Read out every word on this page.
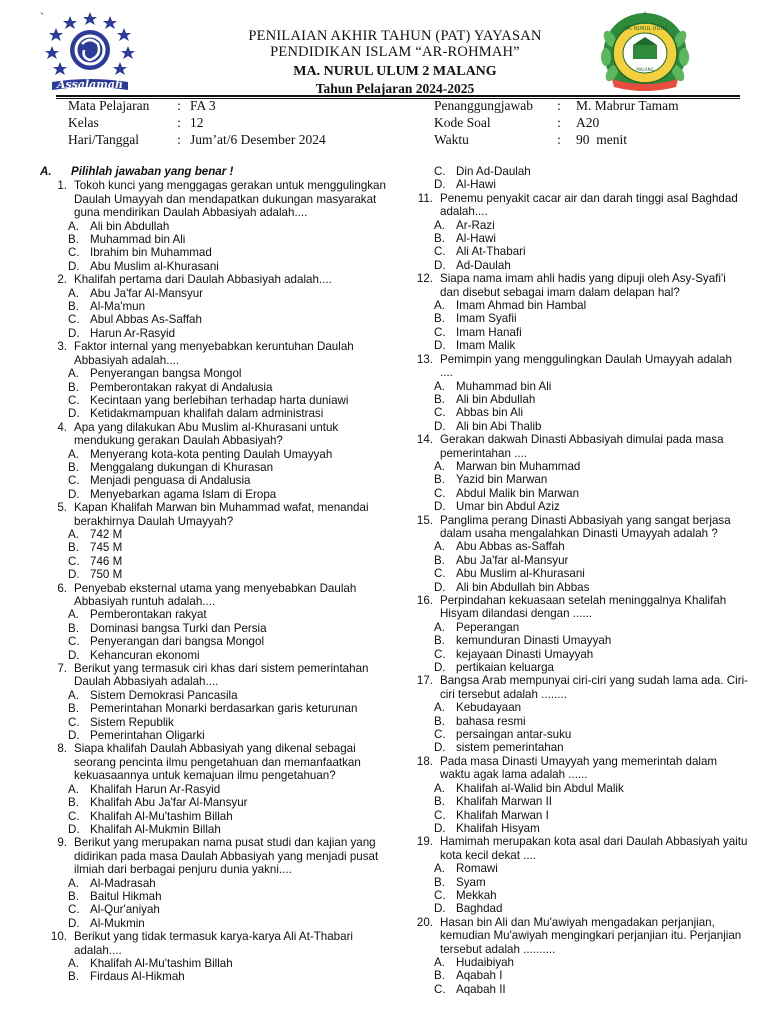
`
Assalamah
MA. NURUL ULUM
MALANG
PENILAIAN AKHIR TAHUN (PAT) YAYASAN
PENDIDIKAN ISLAM “AR-ROHMAH”
MA. NURUL ULUM 2 MALANG
Tahun Pelajaran 2024-2025
Mata Pelajaran : FA 3
Kelas	: 12
Hari/Tanggal	: Jum’at/6 Desember 2024
Penanggungjawab : M. Mabrur Tamam
Kode Soal	: A20
Waktu	: 90  menit
A.	Pilihlah jawaban yang benar !
1. Tokoh kunci yang menggagas gerakan untuk menggulingkan Daulah Umayyah dan mendapatkan dukungan masyarakat guna mendirikan Daulah Abbasiyah adalah....
A. Ali bin Abdullah
B. Muhammad bin Ali
C. Ibrahim bin Muhammad
D. Abu Muslim al-Khurasani
2. Khalifah pertama dari Daulah Abbasiyah adalah....
A. Abu Ja'far Al-Mansyur
B. Al-Ma'mun
C. Abul Abbas As-Saffah
D. Harun Ar-Rasyid
3. Faktor internal yang menyebabkan keruntuhan Daulah Abbasiyah adalah....
A. Penyerangan bangsa Mongol
B. Pemberontakan rakyat di Andalusia
C. Kecintaan yang berlebihan terhadap harta duniawi
D. Ketidakmampuan khalifah dalam administrasi
4. Apa yang dilakukan Abu Muslim al-Khurasani untuk mendukung gerakan Daulah Abbasiyah?
A. Menyerang kota-kota penting Daulah Umayyah
B. Menggalang dukungan di Khurasan
C. Menjadi penguasa di Andalusia
D. Menyebarkan agama Islam di Eropa
5. Kapan Khalifah Marwan bin Muhammad wafat, menandai berakhirnya Daulah Umayyah?
A. 742 M
B. 745 M
C. 746 M
D. 750 M
6. Penyebab eksternal utama yang menyebabkan Daulah Abbasiyah runtuh adalah....
A. Pemberontakan rakyat
B. Dominasi bangsa Turki dan Persia
C. Penyerangan dari bangsa Mongol
D. Kehancuran ekonomi
7. Berikut yang termasuk ciri khas dari sistem pemerintahan Daulah Abbasiyah adalah....
A. Sistem Demokrasi Pancasila
B. Pemerintahan Monarki berdasarkan garis keturunan
C. Sistem Republik
D. Pemerintahan Oligarki
8. Siapa khalifah Daulah Abbasiyah yang dikenal sebagai seorang pencinta ilmu pengetahuan dan memanfaatkan kekuasaannya untuk kemajuan ilmu pengetahuan?
A. Khalifah Harun Ar-Rasyid
B. Khalifah Abu Ja'far Al-Mansyur
C. Khalifah Al-Mu'tashim Billah
D. Khalifah Al-Mukmin Billah
9. Berikut yang merupakan nama pusat studi dan kajian yang didirikan pada masa Daulah Abbasiyah yang menjadi pusat ilmiah dari berbagai penjuru dunia yakni....
A. Al-Madrasah
B. Baitul Hikmah
C. Al-Qur'aniyah
D. Al-Mukmin
10. Berikut yang tidak termasuk karya-karya Ali At-Thabari adalah....
A. Khalifah Al-Mu'tashim Billah
B. Firdaus Al-Hikmah
C. Din Ad-Daulah
D. Al-Hawi
11. Penemu penyakit cacar air dan darah tinggi asal Baghdad adalah....
A. Ar-Razi
B. Al-Hawi
C. Ali At-Thabari
D. Ad-Daulah
12. Siapa nama imam ahli hadis yang dipuji oleh Asy-Syafi'i dan disebut sebagai imam dalam delapan hal?
A. Imam Ahmad bin Hambal
B. Imam Syafii
C. Imam Hanafi
D. Imam Malik
13. Pemimpin yang menggulingkan Daulah Umayyah adalah ....
A. Muhammad bin Ali
B. Ali bin Abdullah
C. Abbas bin Ali
D. Ali bin Abi Thalib
14. Gerakan dakwah Dinasti Abbasiyah dimulai pada masa pemerintahan ....
A. Marwan bin Muhammad
B. Yazid bin Marwan
C. Abdul Malik bin Marwan
D. Umar bin Abdul Aziz
15. Panglima perang Dinasti Abbasiyah yang sangat berjasa dalam usaha mengalahkan Dinasti Umayyah adalah ?
A. Abu Abbas as-Saffah
B. Abu Ja'far al-Mansyur
C. Abu Muslim al-Khurasani
D. Ali bin Abdullah bin Abbas
16. Perpindahan kekuasaan setelah meninggalnya Khalifah Hisyam dilandasi dengan ......
A. Peperangan
B. kemunduran Dinasti Umayyah
C. kejayaan Dinasti Umayyah
D. pertikaian keluarga
17. Bangsa Arab mempunyai ciri-ciri yang sudah lama ada. Ciri-ciri tersebut adalah ........
A. Kebudayaan
B. bahasa resmi
C. persaingan antar-suku
D. sistem pemerintahan
18. Pada masa Dinasti Umayyah yang memerintah dalam waktu agak lama adalah ......
A. Khalifah al-Walid bin Abdul Malik
B. Khalifah Marwan II
C. Khalifah Marwan I
D. Khalifah Hisyam
19. Hamimah merupakan kota asal dari Daulah Abbasiyah yaitu kota kecil dekat ....
A. Romawi
B. Syam
C. Mekkah
D. Baghdad
20. Hasan bin Ali dan Mu'awiyah mengadakan perjanjian, kemudian Mu'awiyah mengingkari perjanjian itu. Perjanjian tersebut adalah ..........
A. Hudaibiyah
B. Aqabah I
C. Aqabah II
